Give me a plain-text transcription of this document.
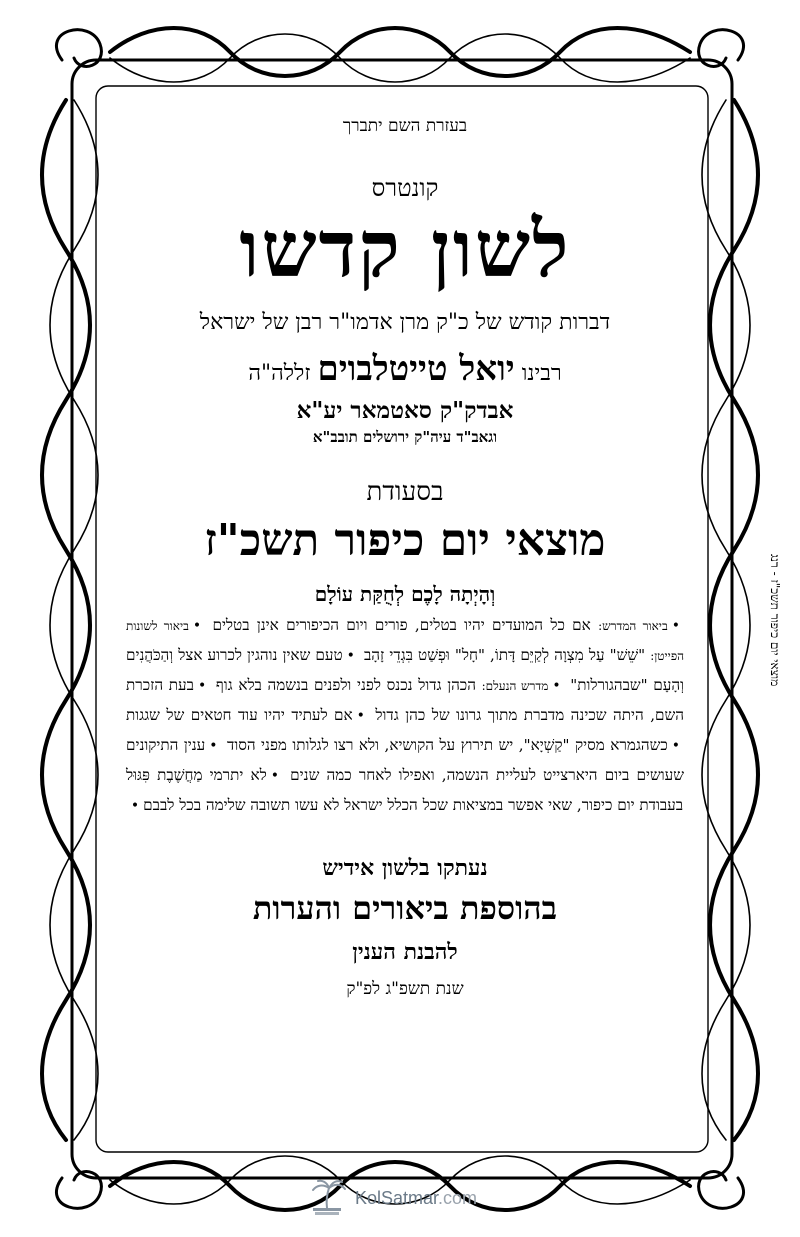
בעזרת השם יתברך
קונטרס
לשון קדשו
דברות קודש של כ"ק מרן אדמו"ר רבן של ישראל
רבינו יואל טייטלבוים זללה"ה
אבדק"ק סאטמאר יע"א
וגאב"ד עיה"ק ירושלים תובב"א
בסעודת
מוצאי יום כיפור תשכ"ז
וְהָיְתָה לָכֶם לְחֻקַּת עוֹלָם

•ביאור המדרש: אם כל המועדים יהיו בטלים, פורים ויום הכיפורים אינן בטלים •ביאור לשונות הפייטן: "שֵׁשׁ" עַל מִצְוָה לְקַיֵּם דָּתוֹ, "חָל" וּפְשַׁט בִּגְדֵי זָהָב •טעם שאין נוהגין לכרוע אצל וְהַכֹּהֲנִים וְהָעָם "שבהגורלות" •מדרש הנעלם: הכהן גדול נכנס לפני ולפנים בנשמה בלא גוף •בעת הזכרת השם, היתה שכינה מדברת מתוך גרונו של כהן גדול •אם לעתיד יהיו עוד חטאים של שגגות •כשהגמרא מסיק "קַשְׁיָא", יש תירוץ על הקושיא, ולא רצו לגלותו מפני הסוד •ענין התיקונים שעושים ביום היארצייט לעליית הנשמה, ואפילו לאחר כמה שנים •לא יתרמי מַחֲשֶׁבֶת פִּגּוּל בעבודת יום כיפור, שאי אפשר במציאות שכל הכלל ישראל לא עשו תשובה שלימה בכל לבבם•

נעתקו בלשון אידיש
בהוספת ביאורים והערות
להבנת הענין
שנת תשפ"ג לפ"ק
מוצאי יום כיפור תשכ"ז - רנג
KolSatmar.com
